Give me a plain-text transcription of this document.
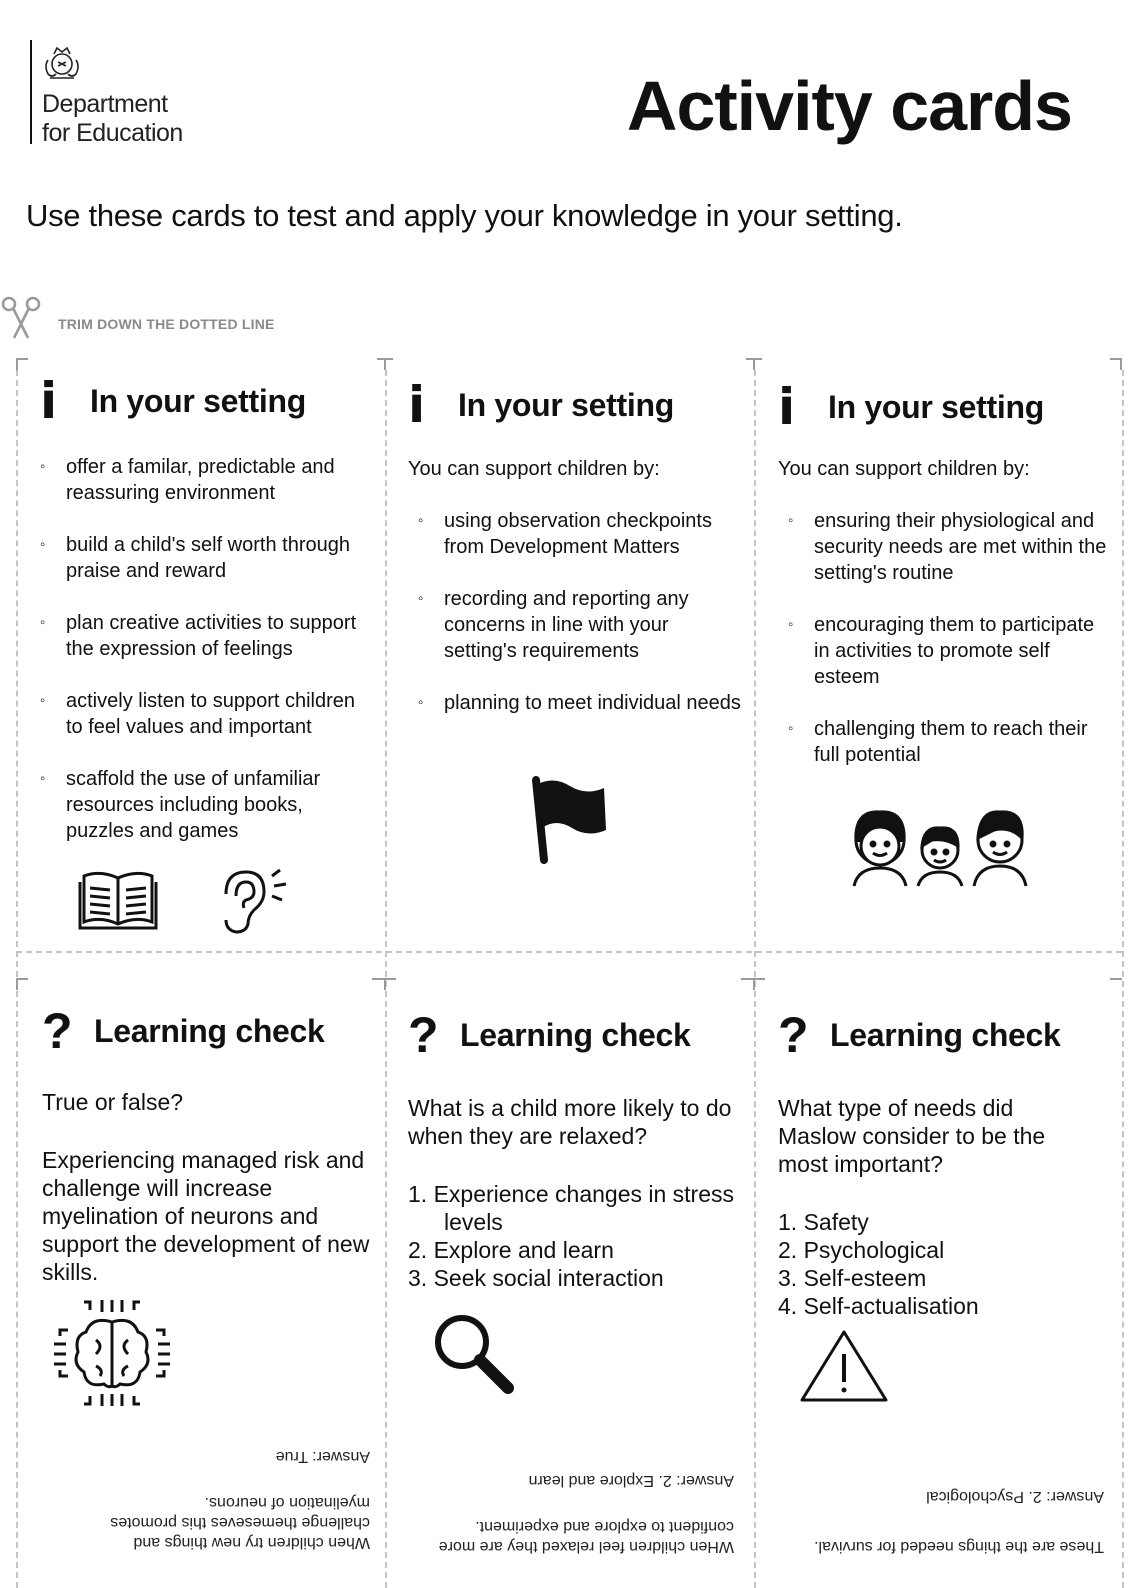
Department
for Education	Activity cards

Use these cards to test and apply your knowledge in your setting.

TRIM DOWN THE DOTTED LINE
i	In your setting
◦ offer a familar, predictable and reassuring environment
◦ build a child's self worth through praise and reward
◦ plan creative activities to support the expression of feelings
◦ actively listen to support children to feel values and important
◦ scaffold the use of unfamiliar resources including books, puzzles and games
i	In your setting

You can support children by:

◦ using observation checkpoints from Development Matters
◦ recording and reporting any concerns in line with your setting's requirements
◦ planning to meet individual needs
i	In your setting

You can support children by:

◦ ensuring their physiological and security needs are met within the setting's routine
◦ encouraging them to participate in activities to promote self esteem
◦ challenging them to reach their full potential
? Learning check

True or false?

Experiencing managed risk and challenge will increase myelination of neurons and support the development of new skills.

When children try new things and challenge themeseves this promotes myelination of neurons.

Answer: True

? Learning check

What is a child more likely to do when they are relaxed?

1. Experience changes in stress levels
2. Explore and learn
3. Seek social interaction

WHen children feel relaxed they are more confident to explore and experiment.

Answer: 2. Explore and learn

? Learning check

What type of needs did Maslow consider to be the most important?

1. Safety
2. Psychological
3. Self-esteem
4. Self-actualisation

These are the things needed for survival.

Answer: 2. Psychological
